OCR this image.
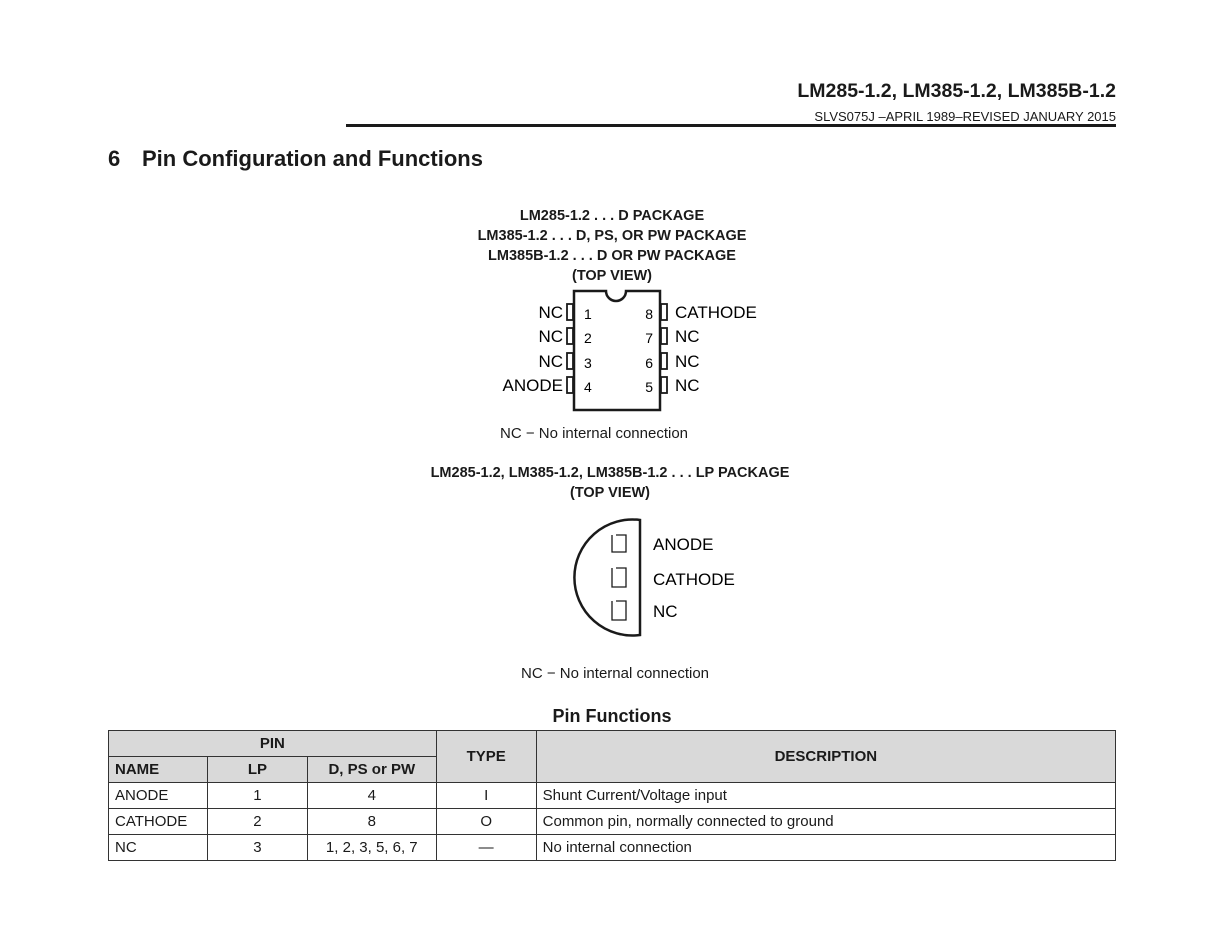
LM285-1.2, LM385-1.2, LM385B-1.2
SLVS075J –APRIL 1989–REVISED JANUARY 2015
6 Pin Configuration and Functions
LM285-1.2 . . . D PACKAGE
LM385-1.2 . . . D, PS, OR PW PACKAGE
LM385B-1.2 . . . D OR PW PACKAGE
(TOP VIEW)
NC
NC
NC
ANODE
1
2
3
4
8
7
6
5
CATHODE
NC
NC
NC
NC − No internal connection
LM285-1.2, LM385-1.2, LM385B-1.2 . . . LP PACKAGE
(TOP VIEW)
ANODE
CATHODE
NC
NC − No internal connection
Pin Functions
PIN			TYPE	DESCRIPTION
NAME	LP	D, PS or PW		
ANODE	1	4	I	Shunt Current/Voltage input
CATHODE	2	8	O	Common pin, normally connected to ground
NC	3	1, 2, 3, 5, 6, 7	—	No internal connection
